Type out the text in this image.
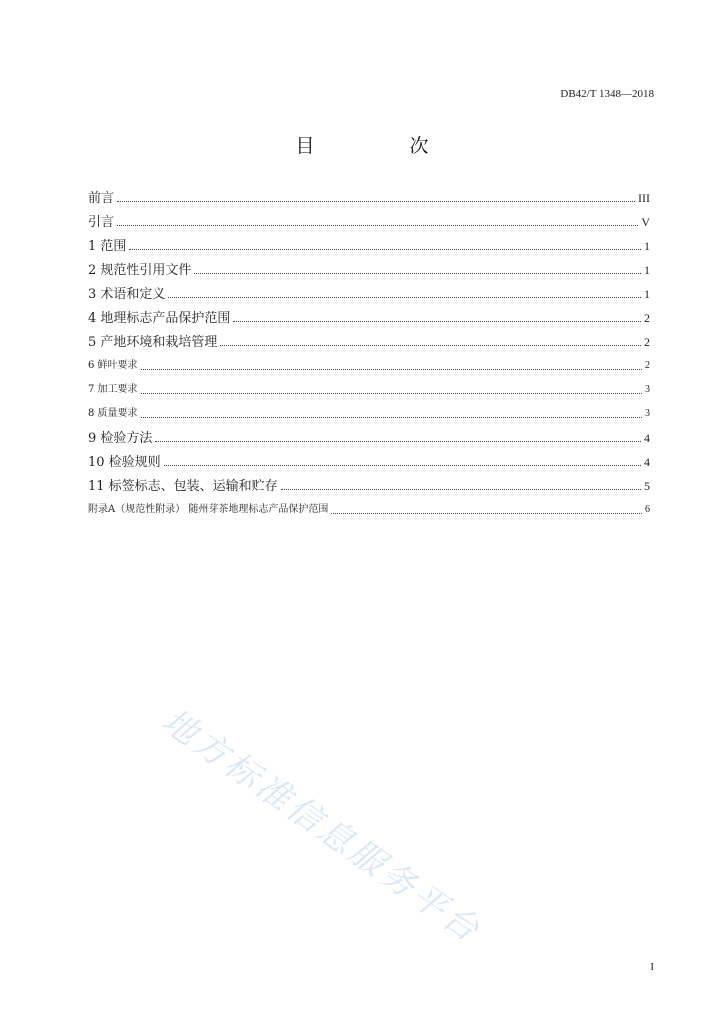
DB42/T 1348—2018
目　次
前言	III
引言	V
1 范围	1
2 规范性引用文件	1
3 术语和定义	1
4 地理标志产品保护范围	2
5 产地环境和栽培管理	2
6 鲜叶要求	2
7 加工要求	3
8 质量要求	3
9 检验方法	4
10 检验规则	4
11 标签标志、包装、运输和贮存	5
附录A（规范性附录） 随州芽茶地理标志产品保护范围	6
地方标准信息服务平台
I
